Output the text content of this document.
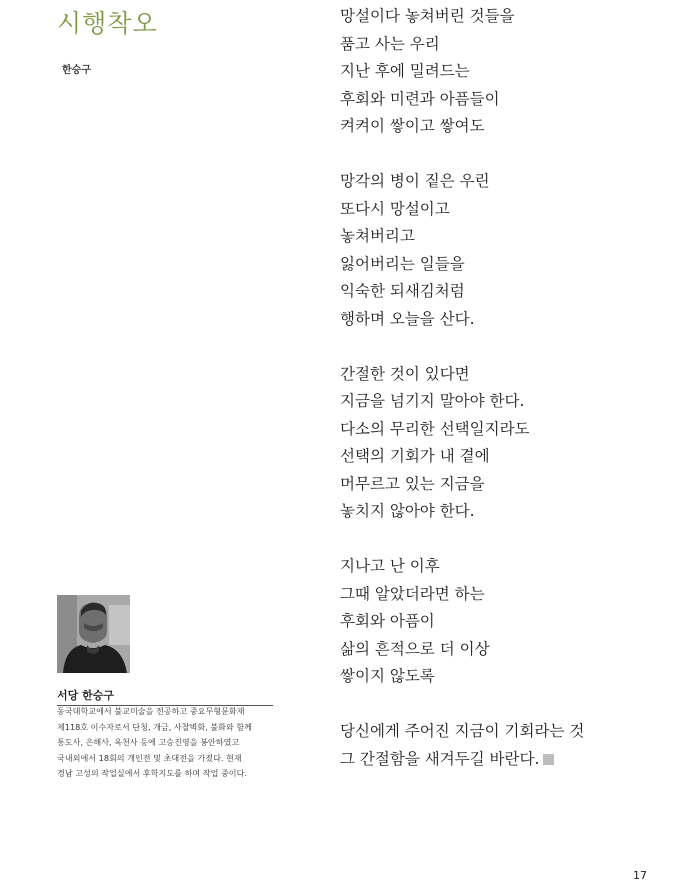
시행착오
한승구
망설이다 놓쳐버린 것들을
품고 사는 우리
지난 후에 밀려드는
후회와 미련과 아픔들이
켜켜이 쌓이고 쌓여도
망각의 병이 짙은 우린
또다시 망설이고
놓쳐버리고
잃어버리는 일들을
익숙한 되새김처럼
행하며 오늘을 산다.
간절한 것이 있다면
지금을 넘기지 말아야 한다.
다소의 무리한 선택일지라도
선택의 기회가 내 곁에
머무르고 있는 지금을
놓치지 않아야 한다.
지나고 난 이후
그때 알았더라면 하는
후회와 아픔이
삶의 흔적으로 더 이상
쌓이지 않도록
당신에게 주어진 지금이 기회라는 것
그 간절함을 새겨두길 바란다.
서당 한승구
동국대학교에서 불교미술을 전공하고 중요무형문화재
제118호 이수자로서 단청, 개금, 사찰벽화, 불화와 함께
통도사, 은해사, 옥천사 등에 고승진영을 봉안하였고
국내외에서 18회의 개인전 및 초대전을 가졌다. 현재
경남 고성의 작업실에서 후학지도를 하며 작업 중이다.
17
